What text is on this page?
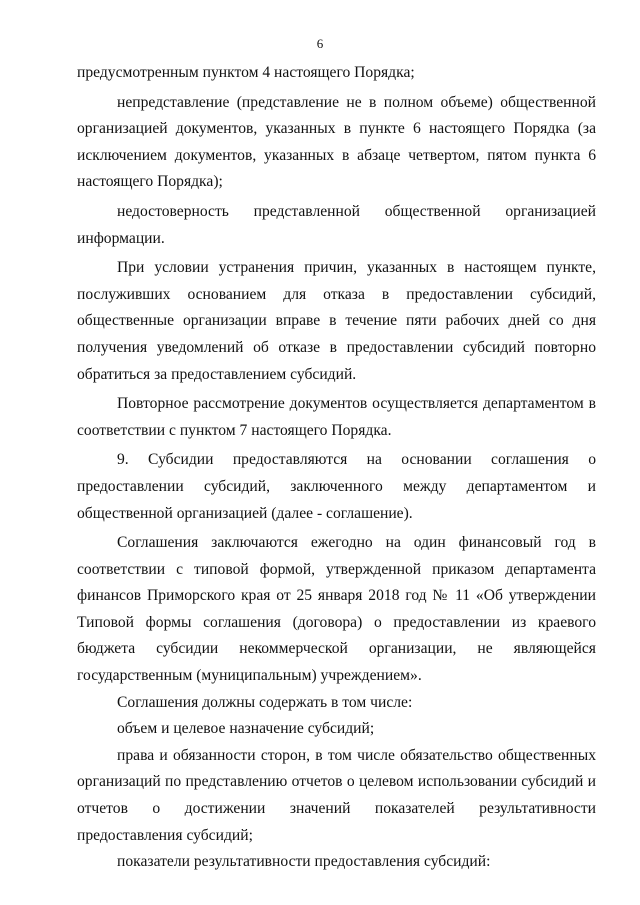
6

предусмотренным пунктом 4 настоящего Порядка;

непредставление (представление не в полном объеме) общественной организацией документов, указанных в пункте 6 настоящего Порядка (за исключением документов, указанных в абзаце четвертом, пятом пункта 6 настоящего Порядка);

недостоверность представленной общественной организацией информации.

При условии устранения причин, указанных в настоящем пункте, послуживших основанием для отказа в предоставлении субсидий, общественные организации вправе в течение пяти рабочих дней со дня получения уведомлений об отказе в предоставлении субсидий повторно обратиться за предоставлением субсидий.

Повторное рассмотрение документов осуществляется департаментом в соответствии с пунктом 7 настоящего Порядка.

9. Субсидии предоставляются на основании соглашения о предоставлении субсидий, заключенного между департаментом и общественной организацией (далее - соглашение).

Соглашения заключаются ежегодно на один финансовый год в соответствии с типовой формой, утвержденной приказом департамента финансов Приморского края от 25 января 2018 год № 11 «Об утверждении Типовой формы соглашения (договора) о предоставлении из краевого бюджета субсидии некоммерческой организации, не являющейся государственным (муниципальным) учреждением».

Соглашения должны содержать в том числе:

объем и целевое назначение субсидий;

права и обязанности сторон, в том числе обязательство общественных организаций по представлению отчетов о целевом использовании субсидий и отчетов о достижении значений показателей результативности предоставления субсидий;

показатели результативности предоставления субсидий:
